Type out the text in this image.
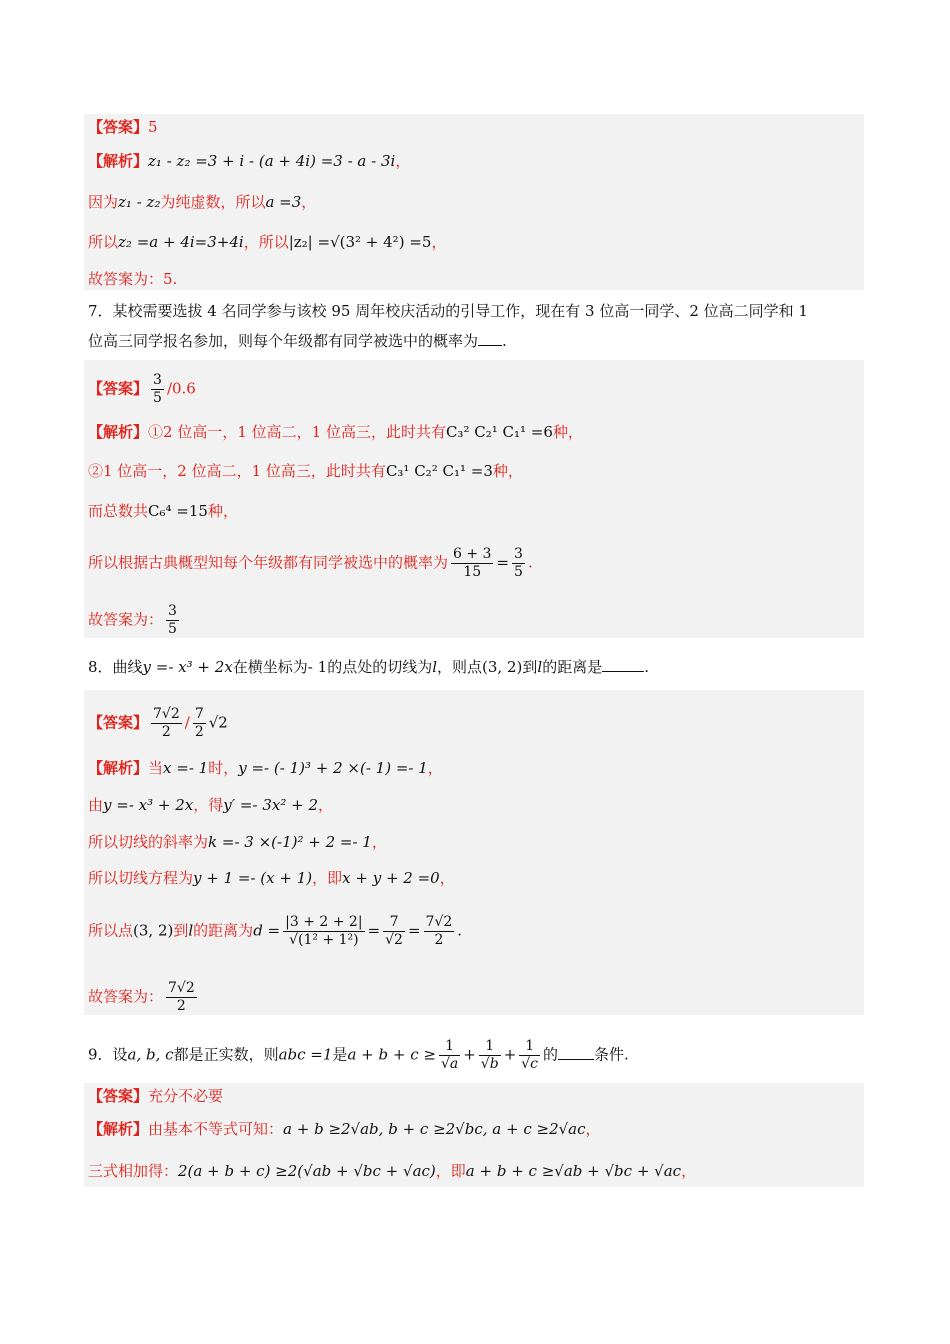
【答案】5
【解析】z₁ - z₂ =3 + i - (a + 4i) =3 - a - 3i，
因为z₁ - z₂为纯虚数，所以a =3，
所以z₂ =a + 4i=3+4i，所以|z₂| =√(3² + 4²) =5，
故答案为：5.
7．某校需要选拔 4 名同学参与该校 95 周年校庆活动的引导工作，现在有 3 位高一同学、2 位高二同学和 1
位高三同学报名参加，则每个年级都有同学被选中的概率为 .
【答案】 $\frac{3}{5} /0.6$
【解析】①2 位高一，1 位高二，1 位高三，此时共有C₃² C₂¹ C₁¹ =6种，
②1 位高一，2 位高二，1 位高三，此时共有C₃¹ C₂² C₁¹ =3种，
而总数共C₆⁴ =15种，
所以根据古典概型知每个年级都有同学被选中的概率为 $\frac{6 + 3}{15} = \frac{3}{5}$ .
故答案为： $\frac{3}{5}$
8．曲线y =- x³ + 2x在横坐标为- 1的点处的切线为l，则点(3, 2)到l的距离是	.
【答案】 $\frac{7√2}{2} / \frac{7}{2} √2$
【解析】当x =- 1时，y =- (- 1)³ + 2 ×(- 1) =- 1，
由y =- x³ + 2x，得y′ =- 3x² + 2，
所以切线的斜率为k =- 3 ×(-1)² + 2 =- 1，
所以切线方程为y + 1 =- (x + 1)，即x + y + 2 =0，
所以点(3, 2)到l的距离为$d = \frac{|3 + 2 + 2|}{\text{√(1² + 1²)}} = \frac{7}{√2} = \frac{7√2}{2}$ .
故答案为： $\frac{7√2}{2}$
9．设a, b, c都是正实数，则abc =1是$a + b + c \ge \frac{1}{√a} + \frac{1}{√b} + \frac{1}{√c}$ 的 条件.
【答案】充分不必要
【解析】由基本不等式可知：a + b ≥2√ab, b + c ≥2√bc, a + c ≥2√ac，
三式相加得：2(a + b + c) ≥2(√ab + √bc + √ac)，即a + b + c ≥√ab + √bc + √ac，
